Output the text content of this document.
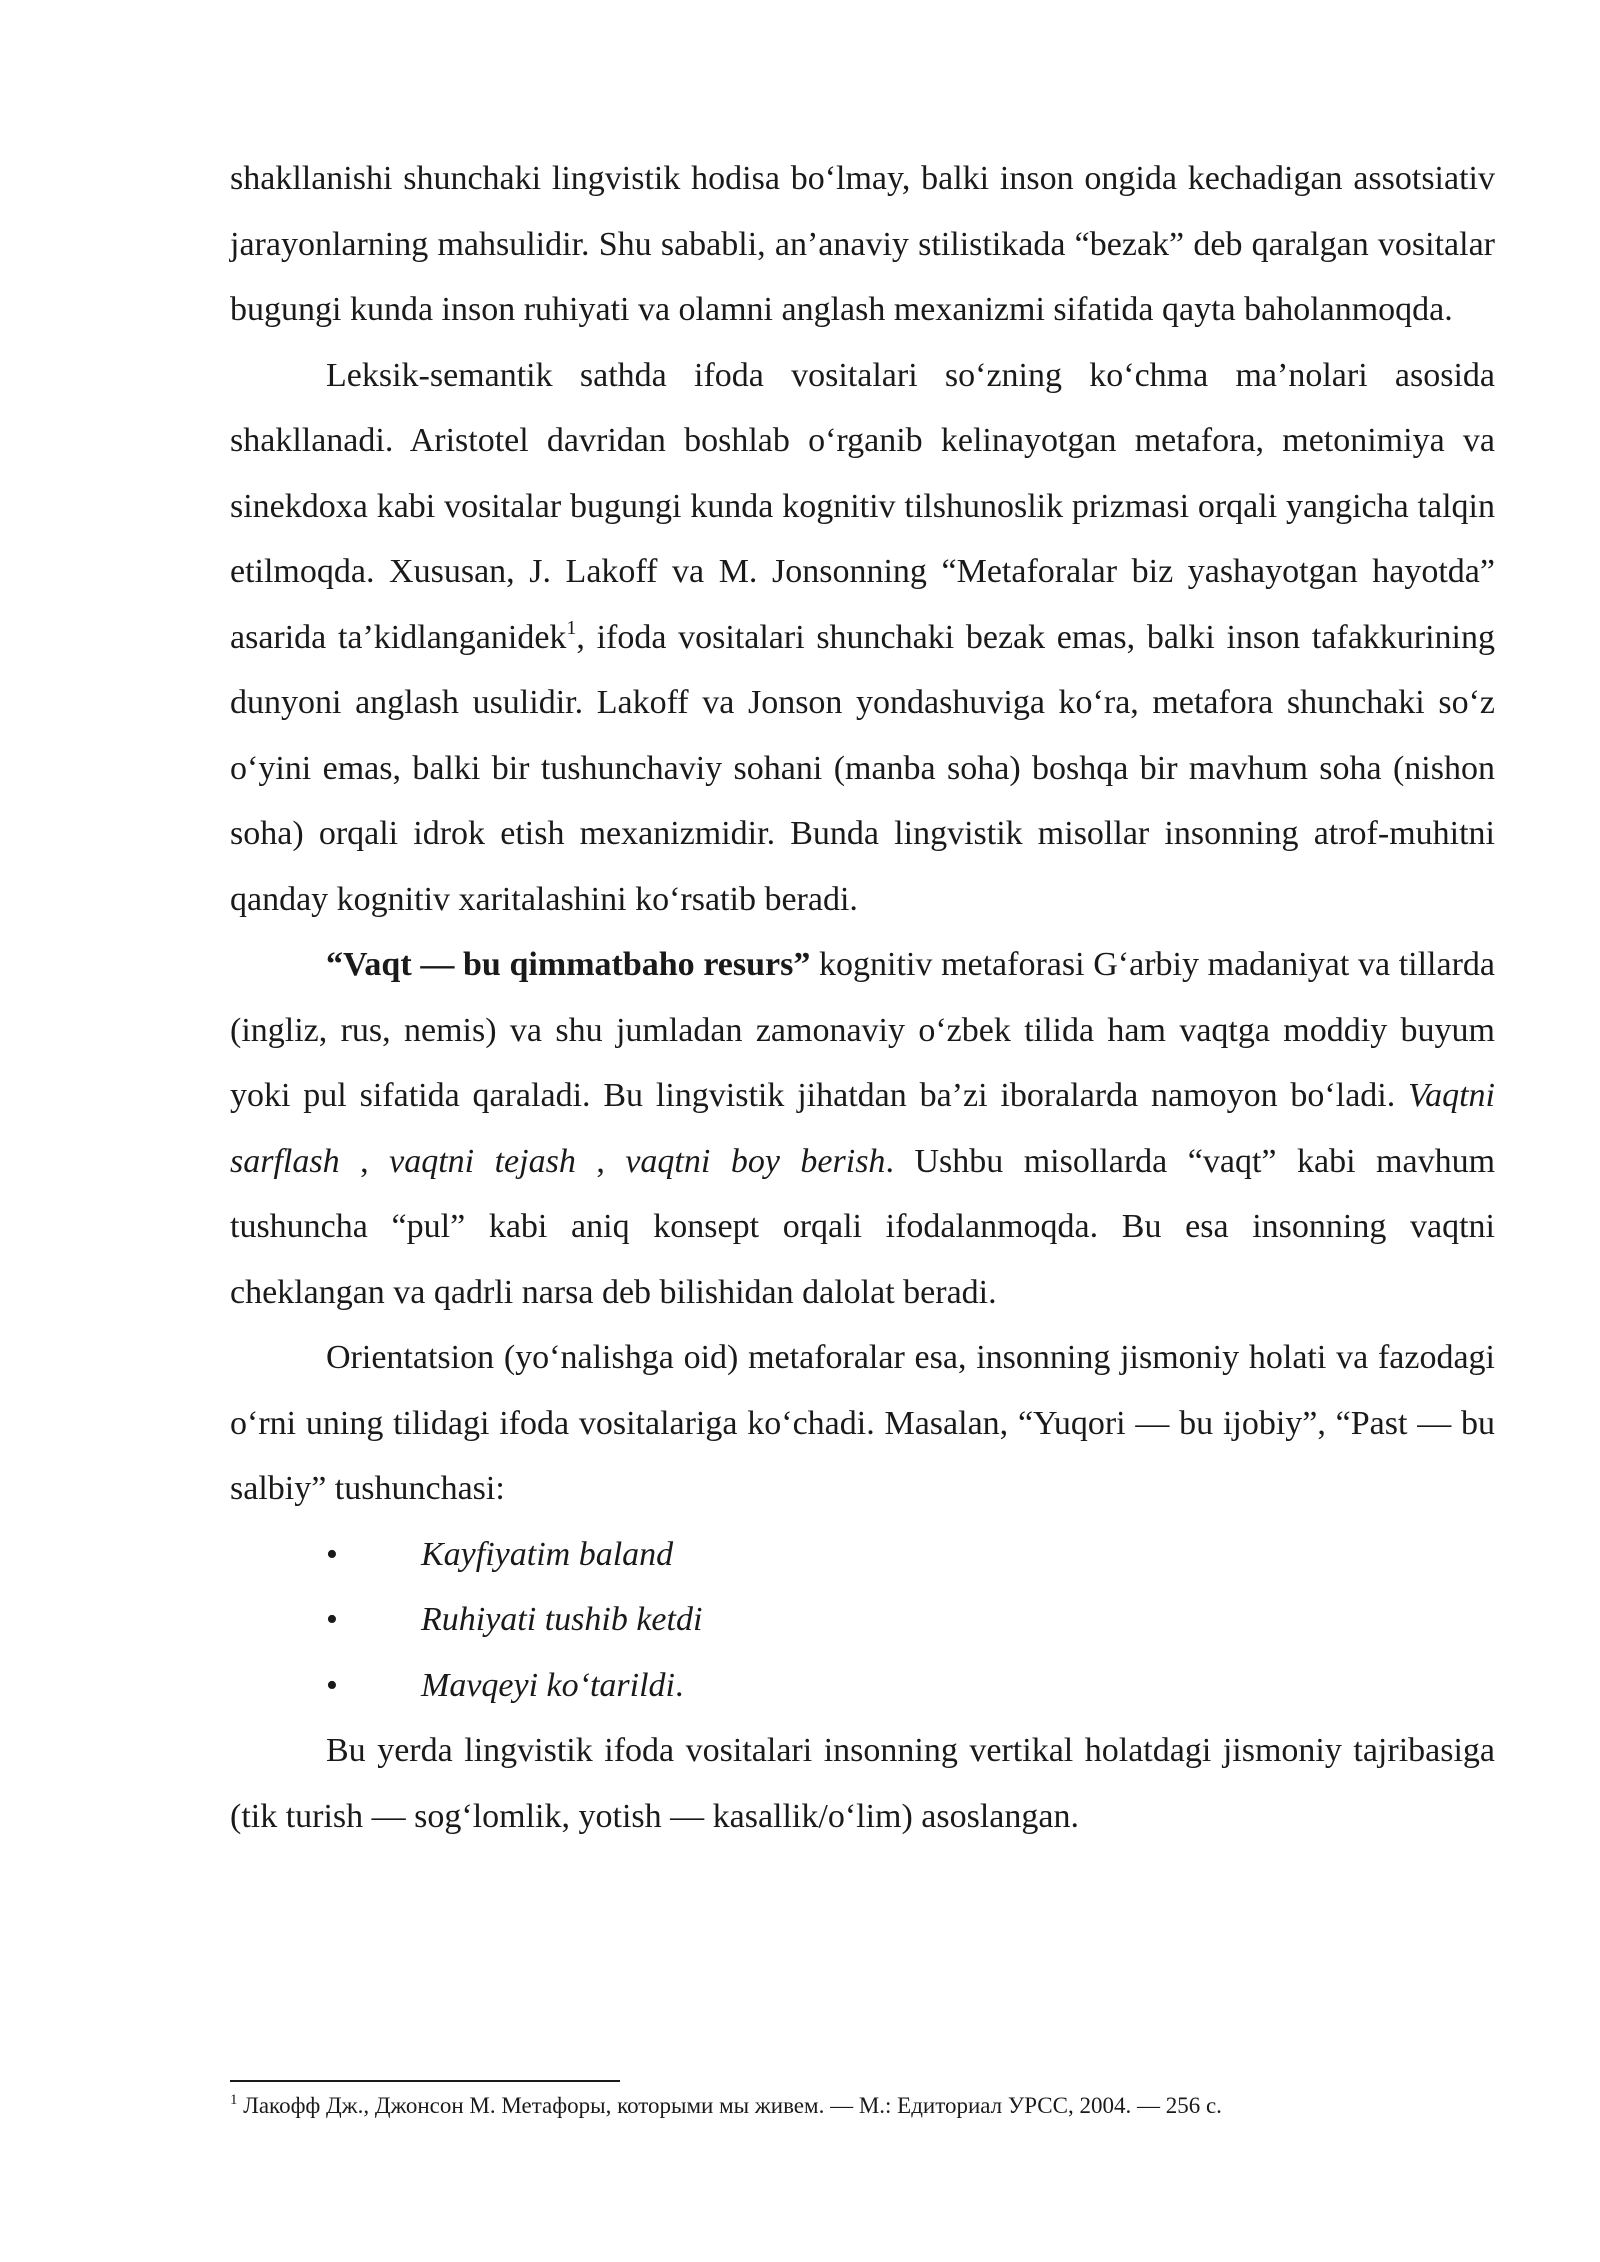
shakllanishi shunchaki lingvistik hodisa bo‘lmay, balki inson ongida kechadigan assotsiativ jarayonlarning mahsulidir. Shu sababli, an’anaviy stilistikada “bezak” deb qaralgan vositalar bugungi kunda inson ruhiyati va olamni anglash mexanizmi sifatida qayta baholanmoqda.

Leksik-semantik sathda ifoda vositalari so‘zning ko‘chma ma’nolari asosida shakllanadi. Aristotel davridan boshlab o‘rganib kelinayotgan metafora, metonimiya va sinekdoxa kabi vositalar bugungi kunda kognitiv tilshunoslik prizmasi orqali yangicha talqin etilmoqda. Xususan, J. Lakoff va M. Jonsonning “Metaforalar biz yashayotgan hayotda” asarida ta’kidlanganidek$^1$, ifoda vositalari shunchaki bezak emas, balki inson tafakkurining dunyoni anglash usulidir. Lakoff va Jonson yondashuviga ko‘ra, metafora shunchaki so‘z o‘yini emas, balki bir tushunchaviy sohani (manba soha) boshqa bir mavhum soha (nishon soha) orqali idrok etish mexanizmidir. Bunda lingvistik misollar insonning atrof-muhitni qanday kognitiv xaritalashini ko‘rsatib beradi.

“Vaqt — bu qimmatbaho resurs” kognitiv metaforasi G‘arbiy madaniyat va tillarda (ingliz, rus, nemis) va shu jumladan zamonaviy o‘zbek tilida ham vaqtga moddiy buyum yoki pul sifatida qaraladi. Bu lingvistik jihatdan ba’zi iboralarda namoyon bo‘ladi. Vaqtni sarflash , vaqtni tejash , vaqtni boy berish. Ushbu misollarda “vaqt” kabi mavhum tushuncha “pul” kabi aniq konsept orqali ifodalanmoqda. Bu esa insonning vaqtni cheklangan va qadrli narsa deb bilishidan dalolat beradi.

Orientatsion (yo‘nalishga oid) metaforalar esa, insonning jismoniy holati va fazodagi o‘rni uning tilidagi ifoda vositalariga ko‘chadi. Masalan, “Yuqori — bu ijobiy”, “Past — bu salbiy” tushunchasi:

• Kayfiyatim baland
• Ruhiyati tushib ketdi
• Mavqeyi ko‘tarildi.

Bu yerda lingvistik ifoda vositalari insonning vertikal holatdagi jismoniy tajribasiga (tik turish — sog‘lomlik, yotish — kasallik/o‘lim) asoslangan.

$^1$ Лакофф Дж., Джонсон М. Метафоры, которыми мы живем. — М.: Едиториал УРСС, 2004. — 256 с.
